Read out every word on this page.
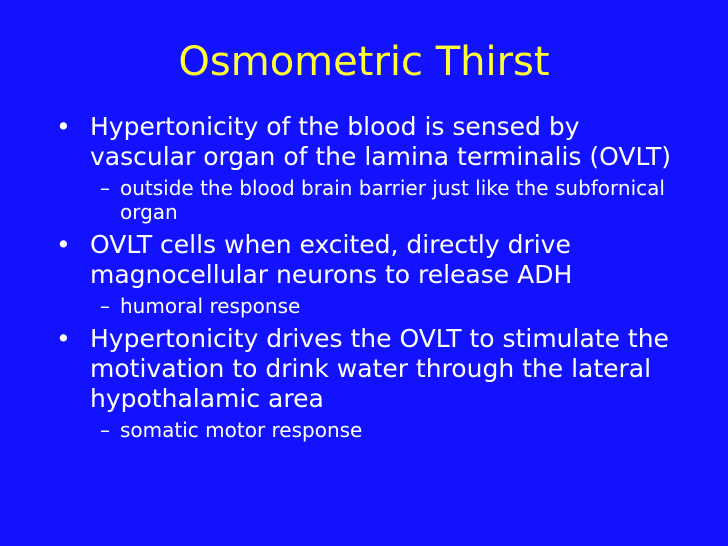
Osmometric Thirst
• Hypertonicity of the blood is sensed by vascular organ of the lamina terminalis (OVLT)
– outside the blood brain barrier just like the subfornical organ
• OVLT cells when excited, directly drive magnocellular neurons to release ADH
– humoral response
• Hypertonicity drives the OVLT to stimulate the motivation to drink water through the lateral hypothalamic area
– somatic motor response
